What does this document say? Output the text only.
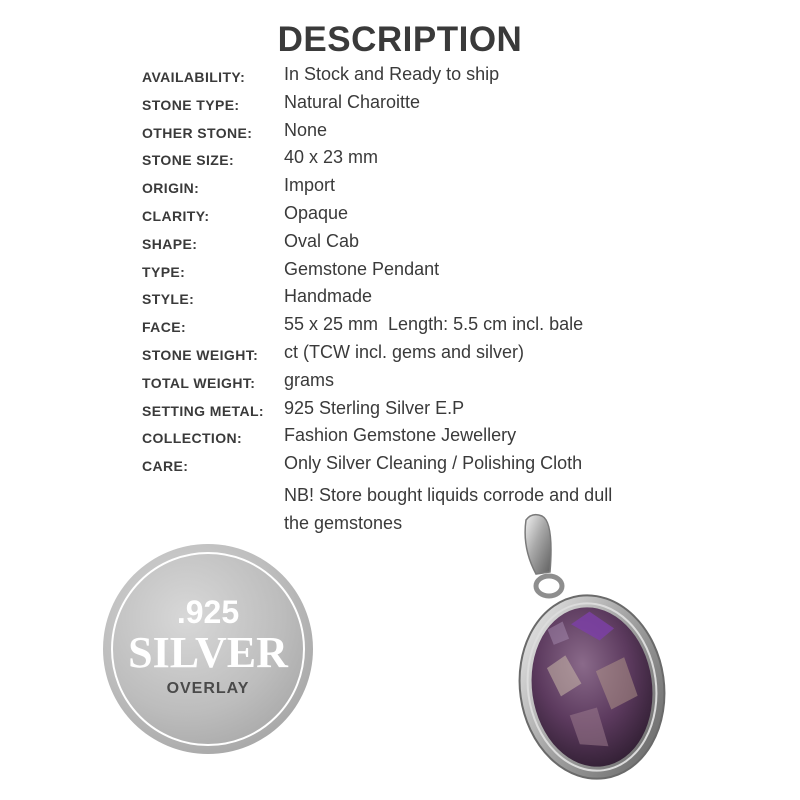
DESCRIPTION
AVAILABILITY: In Stock and Ready to ship
STONE TYPE: Natural Charoitte
OTHER STONE: None
STONE SIZE:	40 x 23 mm
ORIGIN:	Import
CLARITY:	Opaque
SHAPE:	Oval Cab
TYPE:	Gemstone Pendant
STYLE:	Handmade
FACE:	55 x 25 mm  Length: 5.5 cm incl. bale
STONE WEIGHT: ct (TCW incl. gems and silver)
TOTAL WEIGHT: grams
SETTING METAL: 925 Sterling Silver E.P
COLLECTION: Fashion Gemstone Jewellery
CARE:	Only Silver Cleaning / Polishing Cloth
NB! Store bought liquids corrode and dull
the gemstones
.925
SILVER
OVERLAY
